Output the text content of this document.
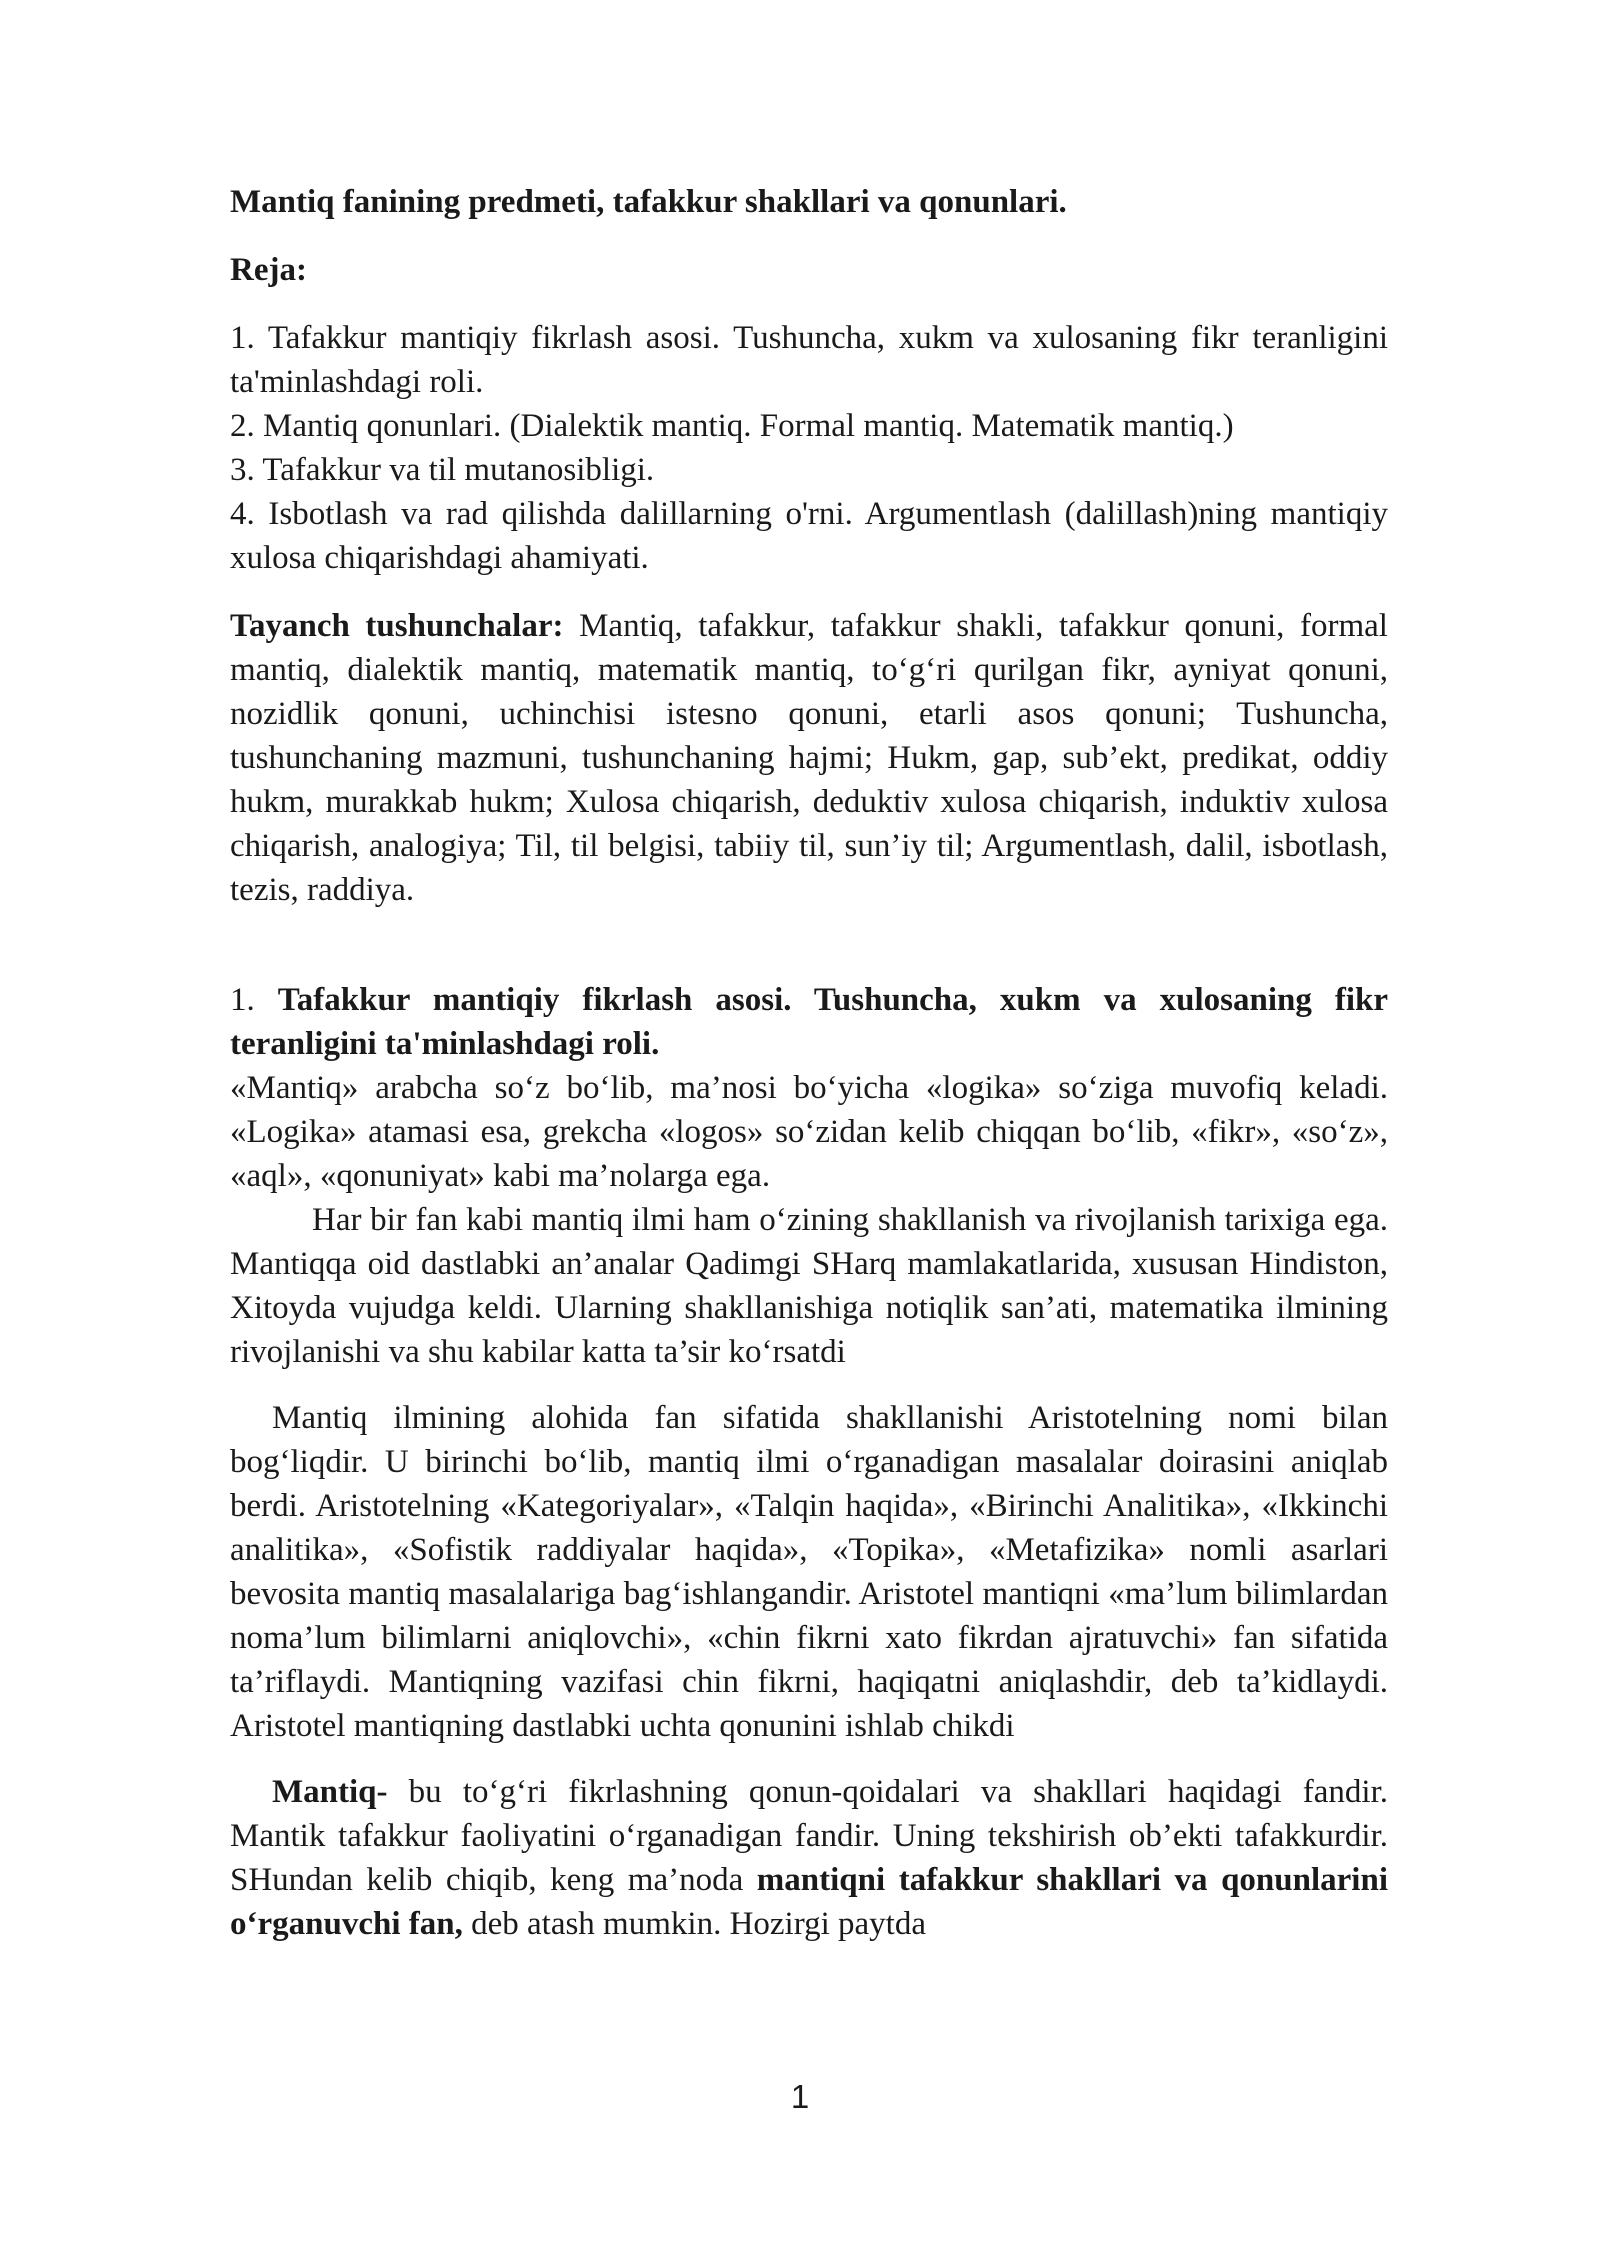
Mantiq fanining predmeti, tafakkur shakllari va qonunlari.

Reja:

1. Tafakkur mantiqiy fikrlash asosi. Tushuncha, xukm va xulosaning fikr teranligini ta'minlashdagi roli.

2. Mantiq qonunlari. (Dialektik mantiq. Formal mantiq. Matematik mantiq.)

3. Tafakkur va til mutanosibligi.

4. Isbotlash va rad qilishda dalillarning o'rni. Argumentlash (dalillash)ning mantiqiy xulosa chiqarishdagi ahamiyati.

Tayanch tushunchalar: Mantiq, tafakkur, tafakkur shakli, tafakkur qonuni, formal mantiq, dialektik mantiq, matematik mantiq, to‘g‘ri qurilgan fikr, ayniyat qonuni, nozidlik qonuni, uchinchisi istesno qonuni, etarli asos qonuni; Tushuncha, tushunchaning mazmuni, tushunchaning hajmi; Hukm, gap, sub’ekt, predikat, oddiy hukm, murakkab hukm; Xulosa chiqarish, deduktiv xulosa chiqarish, induktiv xulosa chiqarish, analogiya; Til, til belgisi, tabiiy til, sun’iy til; Argumentlash, dalil, isbotlash, tezis, raddiya.

1. Tafakkur mantiqiy fikrlash asosi. Tushuncha, xukm va xulosaning fikr teranligini ta'minlashdagi roli.

«Mantiq» arabcha so‘z bo‘lib, ma’nosi bo‘yicha «logika» so‘ziga muvofiq keladi. «Logika» atamasi esa, grekcha «logos» so‘zidan kelib chiqqan bo‘lib, «fikr», «so‘z», «aql», «qonuniyat» kabi ma’nolarga ega.

Har bir fan kabi mantiq ilmi ham o‘zining shakllanish va rivojlanish tarixiga ega. Mantiqqa oid dastlabki an’analar Qadimgi SHarq mamlakatlarida, xususan Hindiston, Xitoyda vujudga keldi. Ularning shakllanishiga notiqlik san’ati, matematika ilmining rivojlanishi va shu kabilar katta ta’sir ko‘rsatdi

Mantiq ilmining alohida fan sifatida shakllanishi Aristotelning nomi bilan bog‘liqdir. U birinchi bo‘lib, mantiq ilmi o‘rganadigan masalalar doirasini aniqlab berdi. Aristotelning «Kategoriyalar», «Talqin haqida», «Birinchi Analitika», «Ikkinchi analitika», «Sofistik raddiyalar haqida», «Topika», «Metafizika» nomli asarlari bevosita mantiq masalalariga bag‘ishlangandir. Aristotel mantiqni «ma’lum bilimlardan noma’lum bilimlarni aniqlovchi», «chin fikrni xato fikrdan ajratuvchi» fan sifatida ta’riflaydi. Mantiqning vazifasi chin fikrni, haqiqatni aniqlashdir, deb ta’kidlaydi. Aristotel mantiqning dastlabki uchta qonunini ishlab chikdi

Mantiq- bu to‘g‘ri fikrlashning qonun-qoidalari va shakllari haqidagi fandir. Mantik tafakkur faoliyatini o‘rganadigan fandir. Uning tekshirish ob’ekti tafakkurdir. SHundan kelib chiqib, keng ma’noda mantiqni tafakkur shakllari va qonunlarini o‘rganuvchi fan, deb atash mumkin. Hozirgi paytda

1
